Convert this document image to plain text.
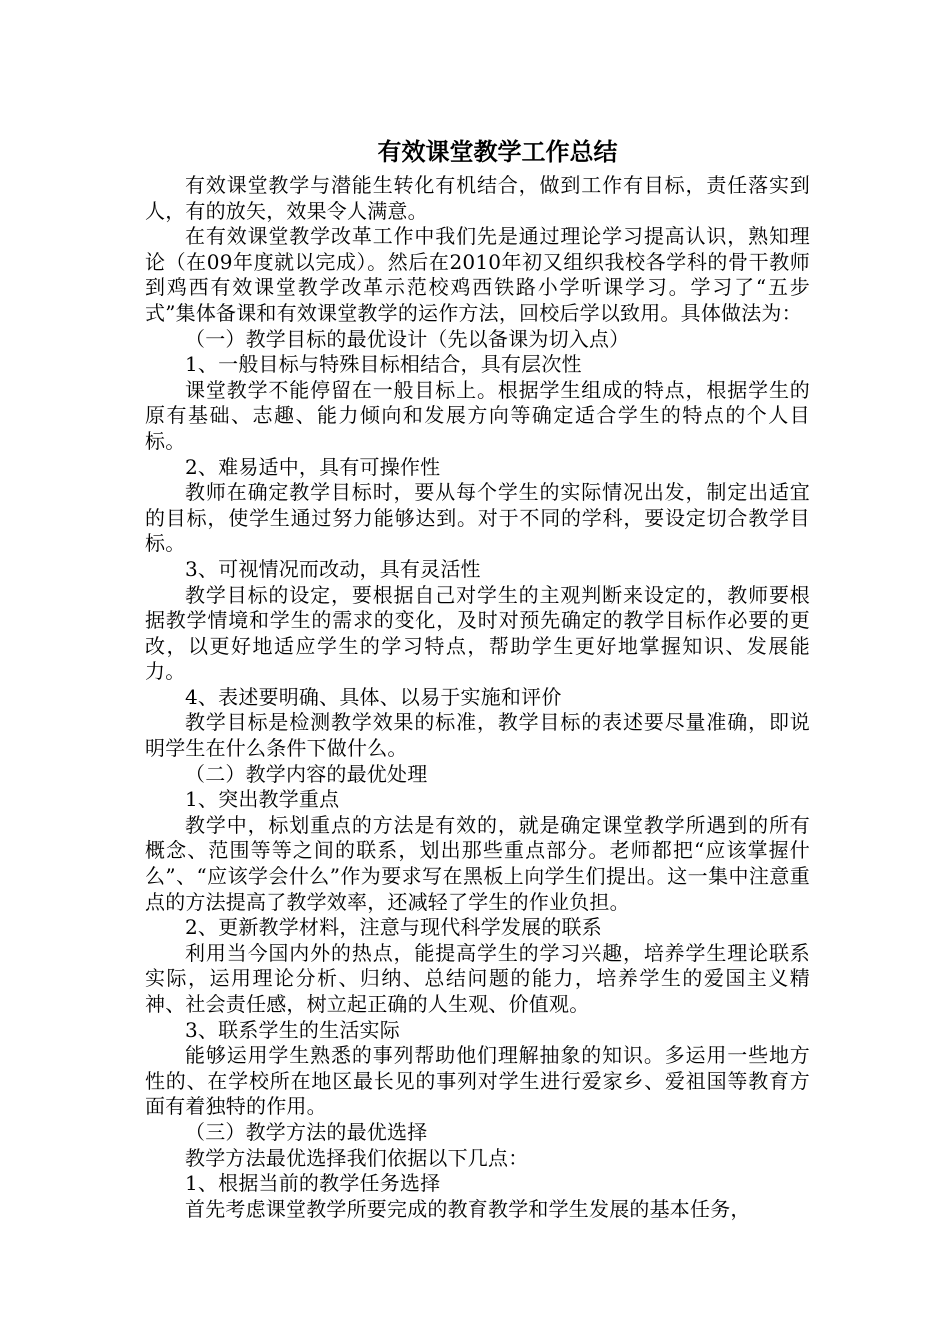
有效课堂教学工作总结

有效课堂教学与潜能生转化有机结合，做到工作有目标，责任落实到人，有的放矢，效果令人满意。

在有效课堂教学改革工作中我们先是通过理论学习提高认识，熟知理论（在09年度就以完成）。然后在2010年初又组织我校各学科的骨干教师到鸡西有效课堂教学改革示范校鸡西铁路小学听课学习。学习了“五步式”集体备课和有效课堂教学的运作方法，回校后学以致用。具体做法为：

（一）教学目标的最优设计（先以备课为切入点）

1、一般目标与特殊目标相结合，具有层次性

课堂教学不能停留在一般目标上。根据学生组成的特点，根据学生的原有基础、志趣、能力倾向和发展方向等确定适合学生的特点的个人目标。

2、难易适中，具有可操作性

教师在确定教学目标时，要从每个学生的实际情况出发，制定出适宜的目标，使学生通过努力能够达到。对于不同的学科，要设定切合教学目标。

3、可视情况而改动，具有灵活性

教学目标的设定，要根据自己对学生的主观判断来设定的，教师要根据教学情境和学生的需求的变化，及时对预先确定的教学目标作必要的更改，以更好地适应学生的学习特点，帮助学生更好地掌握知识、发展能力。

4、表述要明确、具体、以易于实施和评价

教学目标是检测教学效果的标准，教学目标的表述要尽量准确，即说明学生在什么条件下做什么。

（二）教学内容的最优处理

1、突出教学重点

教学中，标划重点的方法是有效的，就是确定课堂教学所遇到的所有概念、范围等等之间的联系，划出那些重点部分。老师都把“应该掌握什么”、“应该学会什么”作为要求写在黑板上向学生们提出。这一集中注意重点的方法提高了教学效率，还减轻了学生的作业负担。

2、更新教学材料，注意与现代科学发展的联系

利用当今国内外的热点，能提高学生的学习兴趣，培养学生理论联系实际，运用理论分析、归纳、总结问题的能力，培养学生的爱国主义精神、社会责任感，树立起正确的人生观、价值观。

3、联系学生的生活实际

能够运用学生熟悉的事列帮助他们理解抽象的知识。多运用一些地方性的、在学校所在地区最长见的事列对学生进行爱家乡、爱祖国等教育方面有着独特的作用。

（三）教学方法的最优选择

教学方法最优选择我们依据以下几点：

1、根据当前的教学任务选择

首先考虑课堂教学所要完成的教育教学和学生发展的基本任务，
